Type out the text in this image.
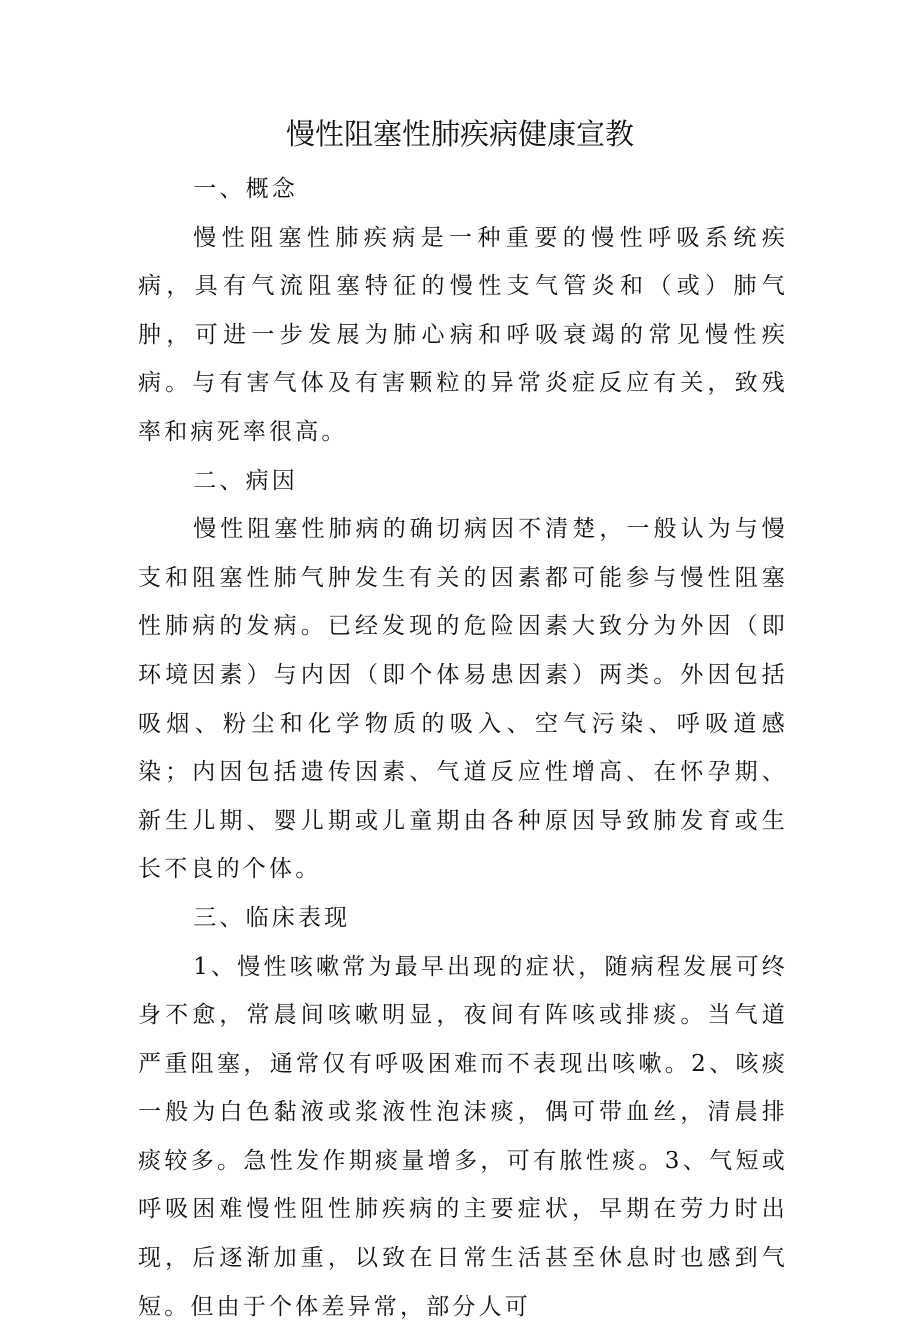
慢性阻塞性肺疾病健康宣教

一、概念

慢性阻塞性肺疾病是一种重要的慢性呼吸系统疾病，具有气流阻塞特征的慢性支气管炎和（或）肺气肿，可进一步发展为肺心病和呼吸衰竭的常见慢性疾病。与有害气体及有害颗粒的异常炎症反应有关，致残率和病死率很高。

二、病因

慢性阻塞性肺病的确切病因不清楚，一般认为与慢支和阻塞性肺气肿发生有关的因素都可能参与慢性阻塞性肺病的发病。已经发现的危险因素大致分为外因（即环境因素）与内因（即个体易患因素）两类。外因包括吸烟、粉尘和化学物质的吸入、空气污染、呼吸道感染；内因包括遗传因素、气道反应性增高、在怀孕期、新生儿期、婴儿期或儿童期由各种原因导致肺发育或生长不良的个体。

三、临床表现

1、慢性咳嗽常为最早出现的症状，随病程发展可终身不愈，常晨间咳嗽明显，夜间有阵咳或排痰。当气道严重阻塞，通常仅有呼吸困难而不表现出咳嗽。2、咳痰一般为白色黏液或浆液性泡沫痰，偶可带血丝，清晨排痰较多。急性发作期痰量增多，可有脓性痰。3、气短或呼吸困难慢性阻性肺疾病的主要症状，早期在劳力时出现，后逐渐加重，以致在日常生活甚至休息时也感到气短。但由于个体差异常，部分人可
